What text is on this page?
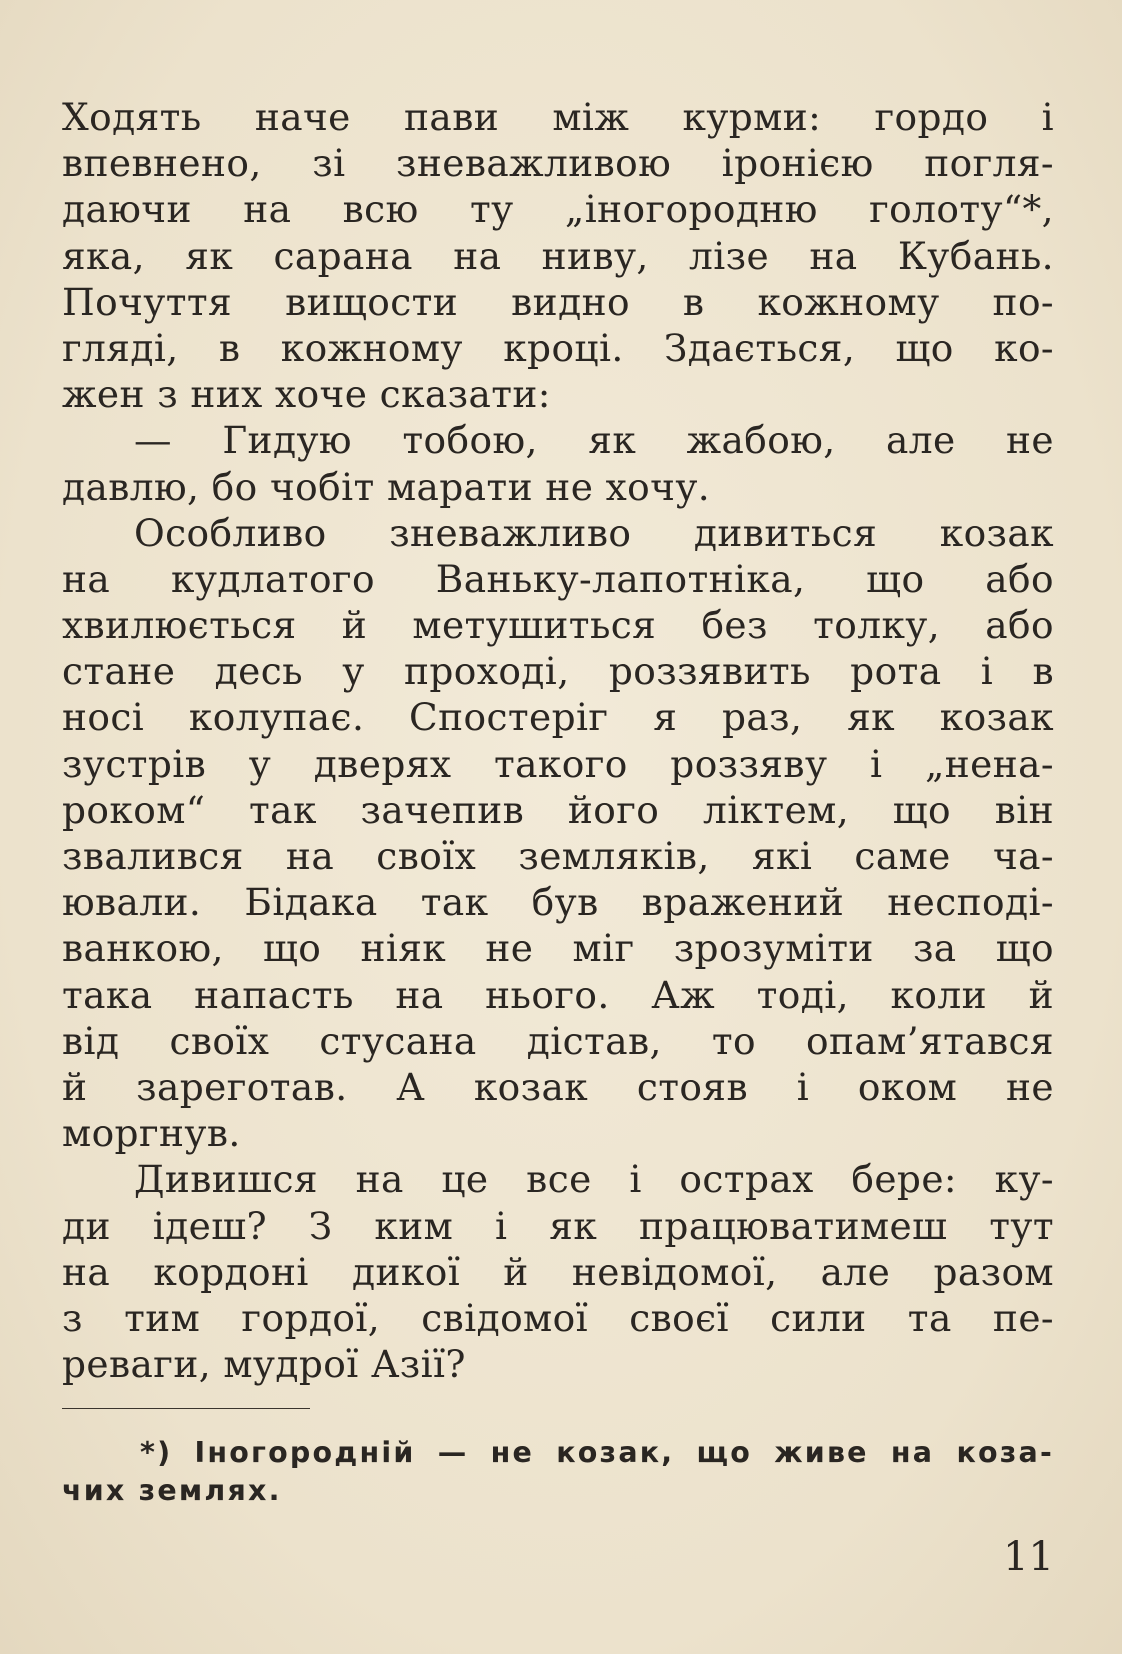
Ходять наче пави між курми: гордо і
впевнено, зі зневажливою іронією погля-
даючи на всю ту „іногородню голоту“*,
яка, як сарана на ниву, лізе на Кубань.
Почуття вищости видно в кожному по-
гляді, в кожному кроці. Здається, що ко-
жен з них хоче сказати:
— Гидую тобою, як жабою, але не
давлю, бо чобіт марати не хочу.
Особливо зневажливо дивиться козак
на кудлатого Ваньку-лапотніка, що або
хвилюється й метушиться без толку, або
стане десь у проході, роззявить рота і в
носі колупає. Спостеріг я раз, як козак
зустрів у дверях такого роззяву і „нена-
роком“ так зачепив його ліктем, що він
звалився на своїх земляків, які саме ча-
ювали. Бідака так був вражений несподі-
ванкою, що ніяк не міг зрозуміти за що
така напасть на нього. Аж тоді, коли й
від своїх стусана дістав, то опам’ятався
й зареготав. А козак стояв і оком не
моргнув.
Дивишся на це все і острах бере: ку-
ди ідеш? З ким і як працюватимеш тут
на кордоні дикої й невідомої, але разом
з тим гордої, свідомої своєї сили та пе-
реваги, мудрої Азії?
*) Іногородній — не козак, що живе на коза-
чих землях.
11
